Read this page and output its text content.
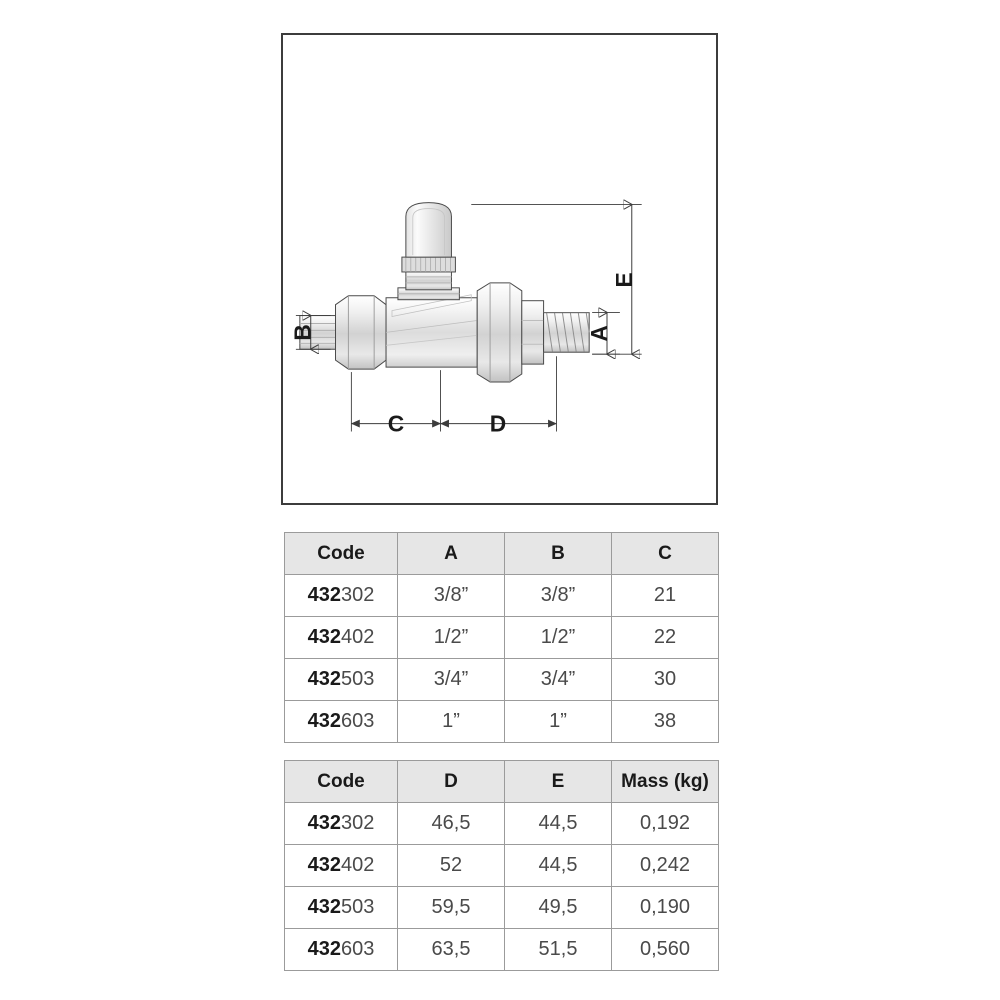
E
A
B
C	D
Code	A	B	C
432302	3/8”	3/8”	21
432402	1/2”	1/2”	22
432503	3/4”	3/4”	30
432603	1”	1”	38
Code	D	E	Mass (kg)
432302	46,5	44,5	0,192
432402	52	44,5	0,242
432503	59,5	49,5	0,190
432603	63,5	51,5	0,560
